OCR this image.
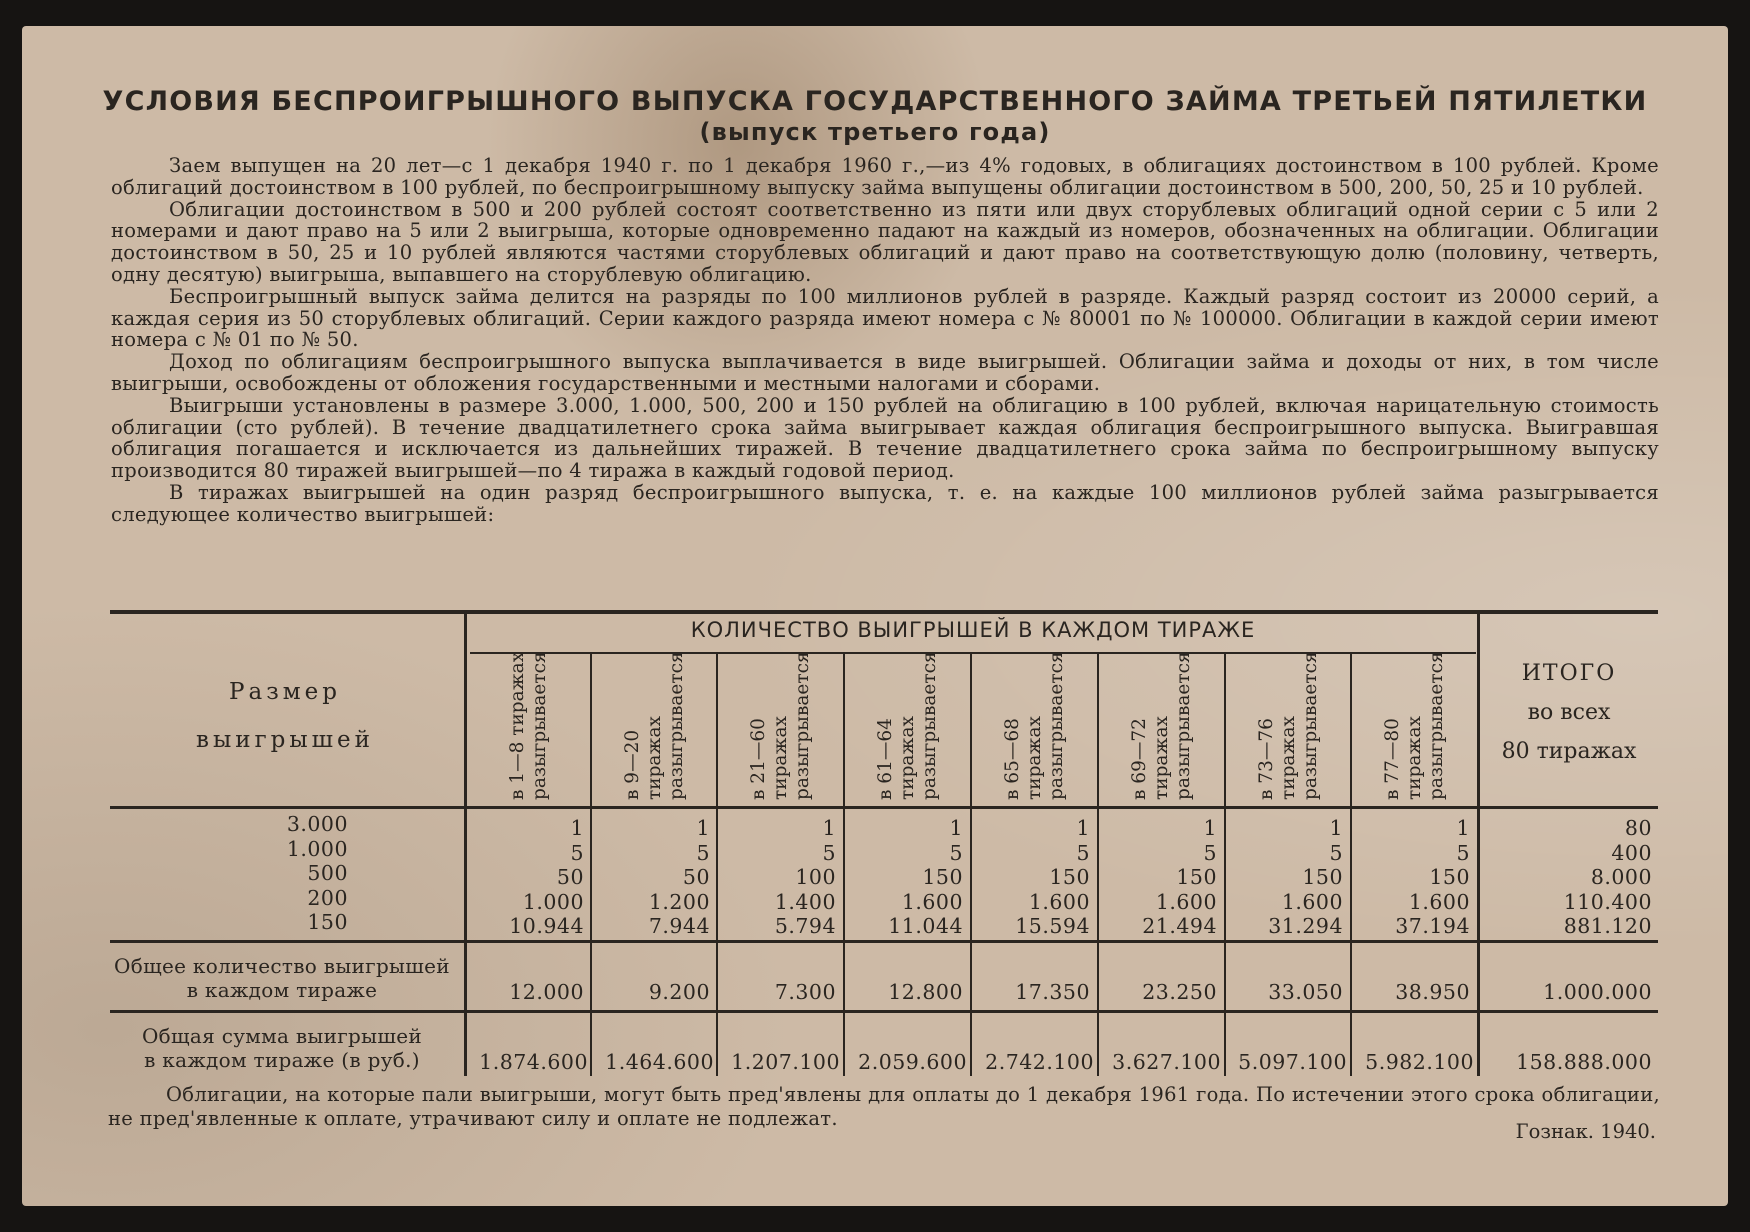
УСЛОВИЯ БЕСПРОИГРЫШНОГО ВЫПУСКА ГОСУДАРСТВЕННОГО ЗАЙМА ТРЕТЬЕЙ ПЯТИЛЕТКИ
(выпуск третьего года)

Заем выпущен на 20 лет—с 1 декабря 1940 г. по 1 декабря 1960 г.,—из 4% годовых, в облигациях достоинством в 100 рублей. Кроме облигаций достоинством в 100 рублей, по беспроигрышному выпуску займа выпущены облигации достоинством в 500, 200, 50, 25 и 10 рублей.

Облигации достоинством в 500 и 200 рублей состоят соответственно из пяти или двух сторублевых облигаций одной серии с 5 или 2 номерами и дают право на 5 или 2 выигрыша, которые одновременно падают на каждый из номеров, обозначенных на облигации. Облигации достоинством в 50, 25 и 10 рублей являются частями сторублевых облигаций и дают право на соответствующую долю (половину, четверть, одну десятую) выигрыша, выпавшего на сторублевую облигацию.

Беспроигрышный выпуск займа делится на разряды по 100 миллионов рублей в разряде. Каждый разряд состоит из 20000 серий, а каждая серия из 50 сторублевых облигаций. Серии каждого разряда имеют номера с № 80001 по № 100000. Облигации в каждой серии имеют номера с № 01 по № 50.

Доход по облигациям беспроигрышного выпуска выплачивается в виде выигрышей. Облигации займа и доходы от них, в том числе выигрыши, освобождены от обложения государственными и местными налогами и сборами.

Выигрыши установлены в размере 3.000, 1.000, 500, 200 и 150 рублей на облигацию в 100 рублей, включая нарицательную стоимость облигации (сто рублей). В течение двадцатилетнего срока займа выигрывает каждая облигация беспроигрышного выпуска. Выигравшая облигация погашается и исключается из дальнейших тиражей. В течение двадцатилетнего срока займа по беспроигрышному выпуску производится 80 тиражей выигрышей—по 4 тиража в каждый годовой период.

В тиражах выигрышей на один разряд беспроигрышного выпуска, т. е. на каждые 100 миллионов рублей займа разыгрывается следующее количество выигрышей:

Размер выигрышей
КОЛИЧЕСТВО ВЫИГРЫШЕЙ В КАЖДОМ ТИРАЖЕ
в 1—8 тиражах разыгрывается	в 9—20 тиражах разыгрывается	в 21—60 тиражах разыгрывается	в 61—64 тиражах разыгрывается	в 65—68 тиражах разыгрывается	в 69—72 тиражах разыгрывается	в 73—76 тиражах разыгрывается	в 77—80 тиражах разыгрывается	ИТОГО
во всех
80 тиражах
3.000	1	1	1	1	1	1	1	1	80
1.000	5	5	5	5	5	5	5	5	400
500	50	50	100	150	150	150	150	150	8.000
200	1.000	1.200	1.400	1.600	1.600	1.600	1.600	1.600	110.400
150	10.944	7.944	5.794	11.044	15.594	21.494	31.294	37.194	881.120
Общее количество выигрышей
в каждом тираже	12.000	9.200	7.300	12.800	17.350	23.250	33.050	38.950	1.000.000
Общая сумма выигрышей
в каждом тираже (в руб.)	1.874.600 1.464.600 1.207.100 2.059.600 2.742.100 3.627.100 5.097.100 5.982.100	158.888.000

Облигации, на которые пали выигрыши, могут быть пред'явлены для оплаты до 1 декабря 1961 года. По истечении этого срока облигации, не пред'явленные к оплате, утрачивают силу и оплате не подлежат.

Гознак. 1940.
